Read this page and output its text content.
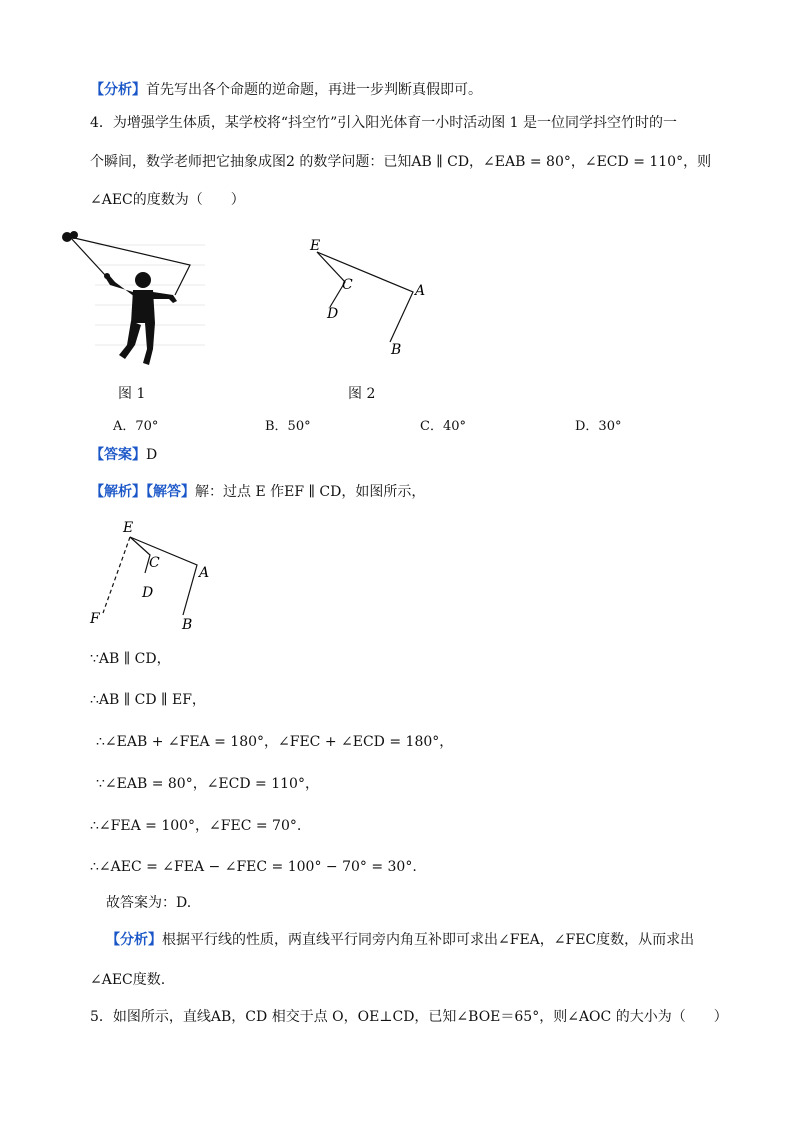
【分析】首先写出各个命题的逆命题，再进一步判断真假即可。
4．为增强学生体质，某学校将“抖空竹”引入阳光体育一小时活动图 1 是一位同学抖空竹时的一
个瞬间，数学老师把它抽象成图2 的数学问题：已知AB ∥ CD，∠EAB = 80°，∠ECD = 110°，则
∠AEC的度数为（　　）
图 1
E
C
D
A
B
图 2
A．70°	B．50°	C．40°	D．30°
【答案】D
【解析】【解答】解：过点 E 作EF ∥ CD，如图所示，
E
C
D
A
B
F
∵AB ∥ CD，
∴AB ∥ CD ∥ EF，
∴∠EAB + ∠FEA = 180°，∠FEC + ∠ECD = 180°，
∵∠EAB = 80°，∠ECD = 110°，
∴∠FEA = 100°，∠FEC = 70°.
∴∠AEC = ∠FEA − ∠FEC = 100° − 70° = 30°.
故答案为：D.
【分析】根据平行线的性质，两直线平行同旁内角互补即可求出∠FEA，∠FEC度数，从而求出
∠AEC度数.
5．如图所示，直线AB，CD 相交于点 O，OE⊥CD，已知∠BOE＝65°，则∠AOC 的大小为（　　）
